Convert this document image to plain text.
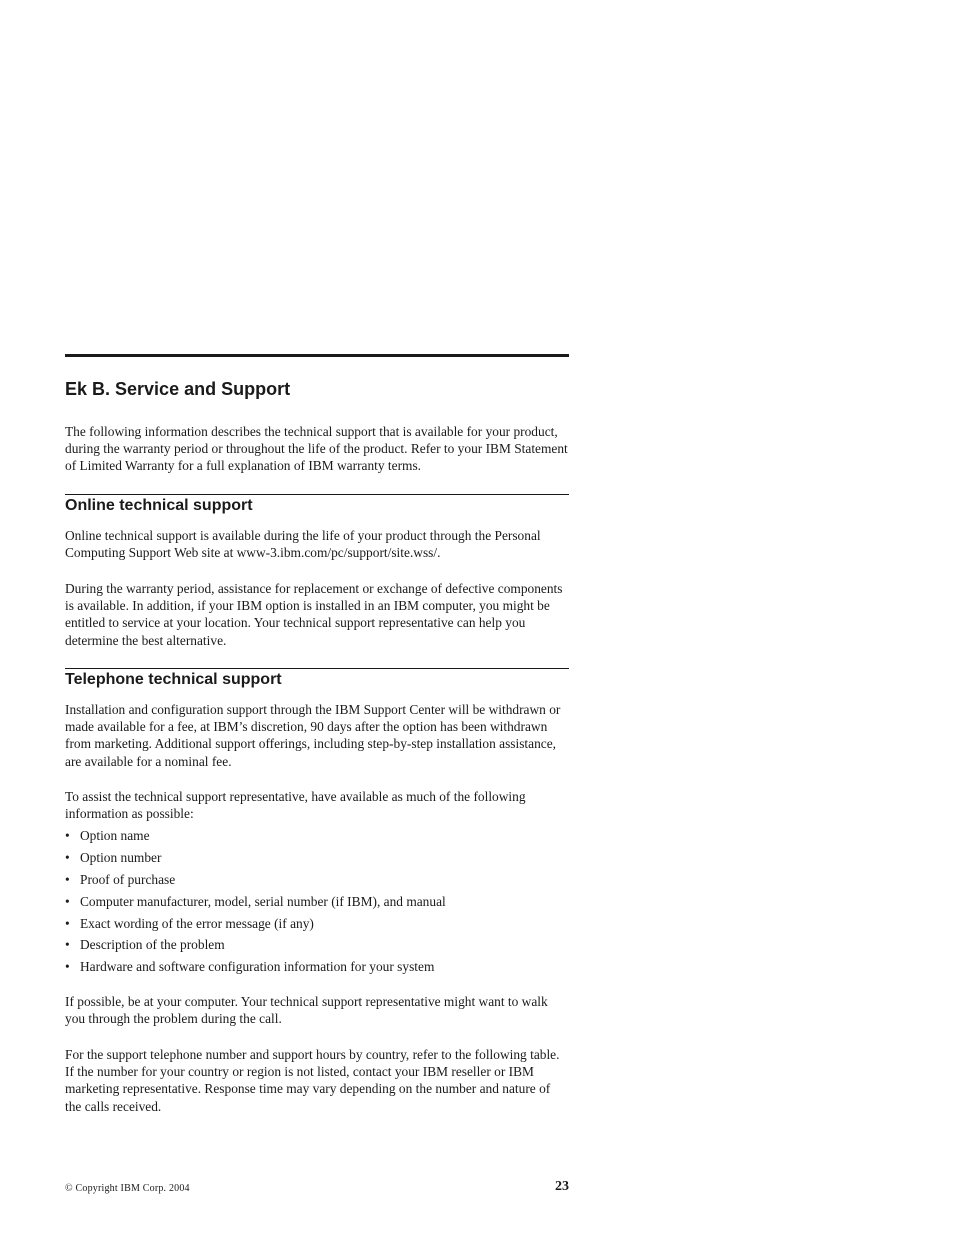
Ek B. Service and Support

The following information describes the technical support that is available for your product, during the warranty period or throughout the life of the product. Refer to your IBM Statement of Limited Warranty for a full explanation of IBM warranty terms.

Online technical support

Online technical support is available during the life of your product through the Personal Computing Support Web site at www-3.ibm.com/pc/support/site.wss/.

During the warranty period, assistance for replacement or exchange of defective components is available. In addition, if your IBM option is installed in an IBM computer, you might be entitled to service at your location. Your technical support representative can help you determine the best alternative.

Telephone technical support

Installation and configuration support through the IBM Support Center will be withdrawn or made available for a fee, at IBM’s discretion, 90 days after the option has been withdrawn from marketing. Additional support offerings, including step-by-step installation assistance, are available for a nominal fee.

To assist the technical support representative, have available as much of the following information as possible:

• Option name
• Option number
• Proof of purchase
• Computer manufacturer, model, serial number (if IBM), and manual
• Exact wording of the error message (if any)
• Description of the problem
• Hardware and software configuration information for your system

If possible, be at your computer. Your technical support representative might want to walk you through the problem during the call.

For the support telephone number and support hours by country, refer to the following table. If the number for your country or region is not listed, contact your IBM reseller or IBM marketing representative. Response time may vary depending on the number and nature of the calls received.

© Copyright IBM Corp. 2004	23
